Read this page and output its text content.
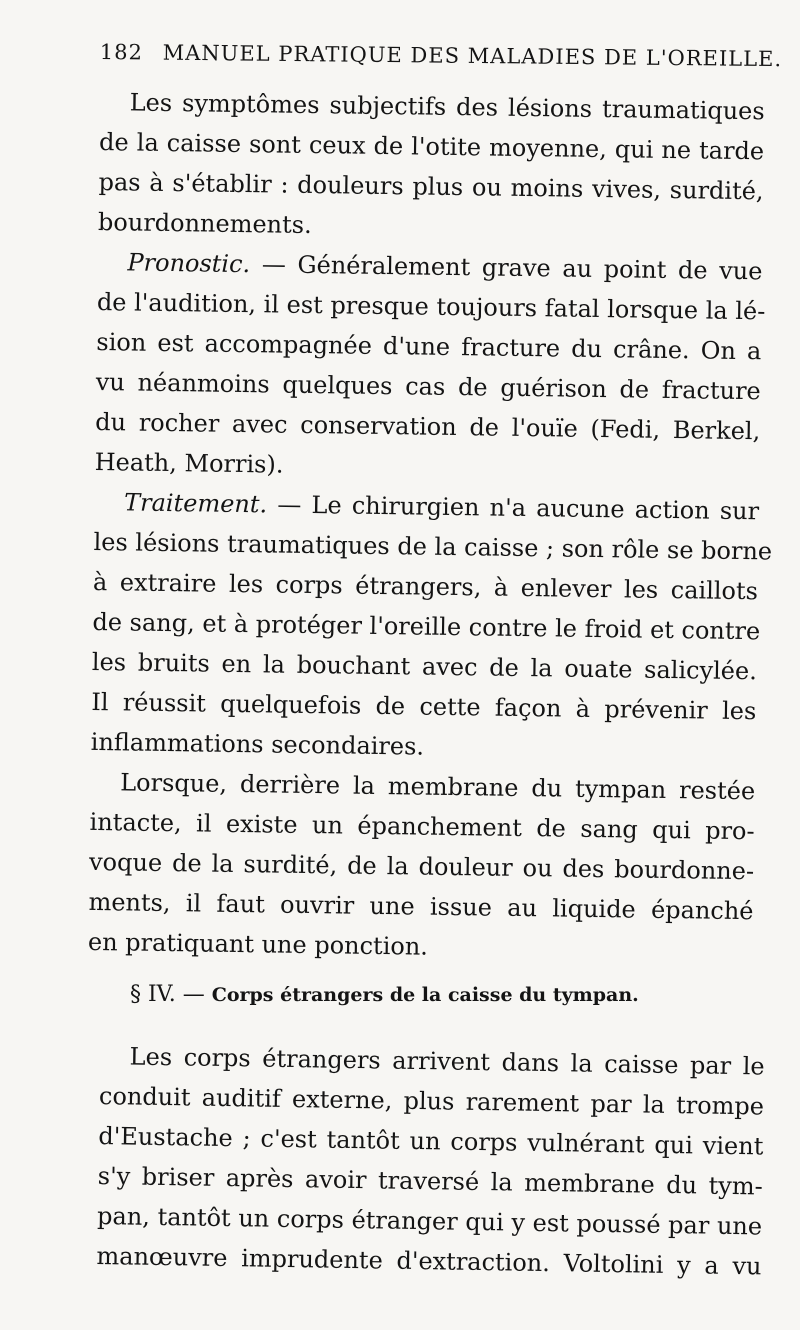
182 MANUEL PRATIQUE DES MALADIES DE L'OREILLE.
Les symptômes subjectifs des lésions traumatiques
de la caisse sont ceux de l'otite moyenne, qui ne tarde
pas à s'établir : douleurs plus ou moins vives, surdité,
bourdonnements.
Pronostic. — Généralement grave au point de vue
de l'audition, il est presque toujours fatal lorsque la lé-
sion est accompagnée d'une fracture du crâne. On a
vu néanmoins quelques cas de guérison de fracture
du rocher avec conservation de l'ouïe (Fedi, Berkel,
Heath, Morris).
Traitement. — Le chirurgien n'a aucune action sur
les lésions traumatiques de la caisse ; son rôle se borne
à extraire les corps étrangers, à enlever les caillots
de sang, et à protéger l'oreille contre le froid et contre
les bruits en la bouchant avec de la ouate salicylée.
Il réussit quelquefois de cette façon à prévenir les
inflammations secondaires.
Lorsque, derrière la membrane du tympan restée
intacte, il existe un épanchement de sang qui pro-
voque de la surdité, de la douleur ou des bourdonne-
ments, il faut ouvrir une issue au liquide épanché
en pratiquant une ponction.
§ IV. — Corps étrangers de la caisse du tympan.
Les corps étrangers arrivent dans la caisse par le
conduit auditif externe, plus rarement par la trompe
d'Eustache ; c'est tantôt un corps vulnérant qui vient
s'y briser après avoir traversé la membrane du tym-
pan, tantôt un corps étranger qui y est poussé par une
manœuvre imprudente d'extraction. Voltolini y a vu
